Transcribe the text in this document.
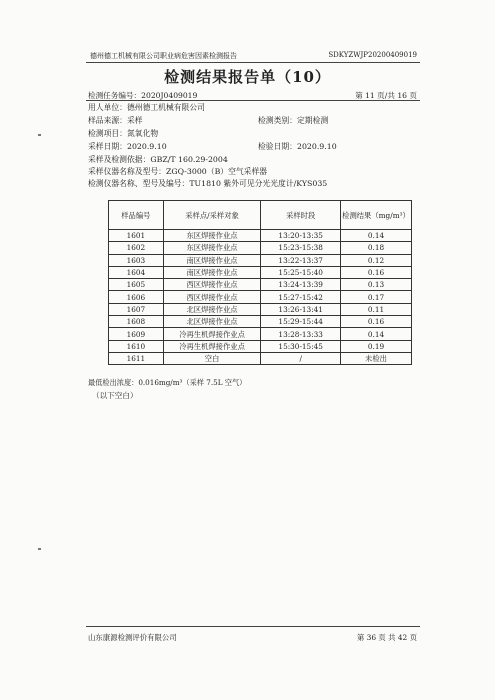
德州德工机械有限公司职业病危害因素检测报告	SDKYZWJP20200409019
检测结果报告单（10）
检测任务编号：2020J0409019	第 11 页/共 16 页
用人单位：德州德工机械有限公司
样品来源：采样	检测类别：定期检测
检测项目：氮氧化物
采样日期：2020.9.10	检验日期：2020.9.10
采样及检测依据：GBZ/T 160.29-2004
采样仪器名称及型号：ZGQ-3000（B）空气采样器
检测仪器名称、型号及编号：TU1810 紫外可见分光光度计/KYS035
样品编号	采样点/采样对象	采样时段	检测结果（mg/m³）
1601	东区焊接作业点	13:20-13:35	0.14
1602	东区焊接作业点	15:23-15:38	0.18
1603	南区焊接作业点	13:22-13:37	0.12
1604	南区焊接作业点	15:25-15:40	0.16
1605	西区焊接作业点	13:24-13:39	0.13
1606	西区焊接作业点	15:27-15:42	0.17
1607	北区焊接作业点	13:26-13:41	0.11
1608	北区焊接作业点	15:29-15:44	0.16
1609	冷再生机焊接作业点	13:28-13:33	0.14
1610	冷再生机焊接作业点	15:30-15:45	0.19
1611	空白	/	未检出
最低检出浓度：0.016mg/m³（采样 7.5L 空气）
（以下空白）
山东康源检测评价有限公司	第 36 页 共 42 页
